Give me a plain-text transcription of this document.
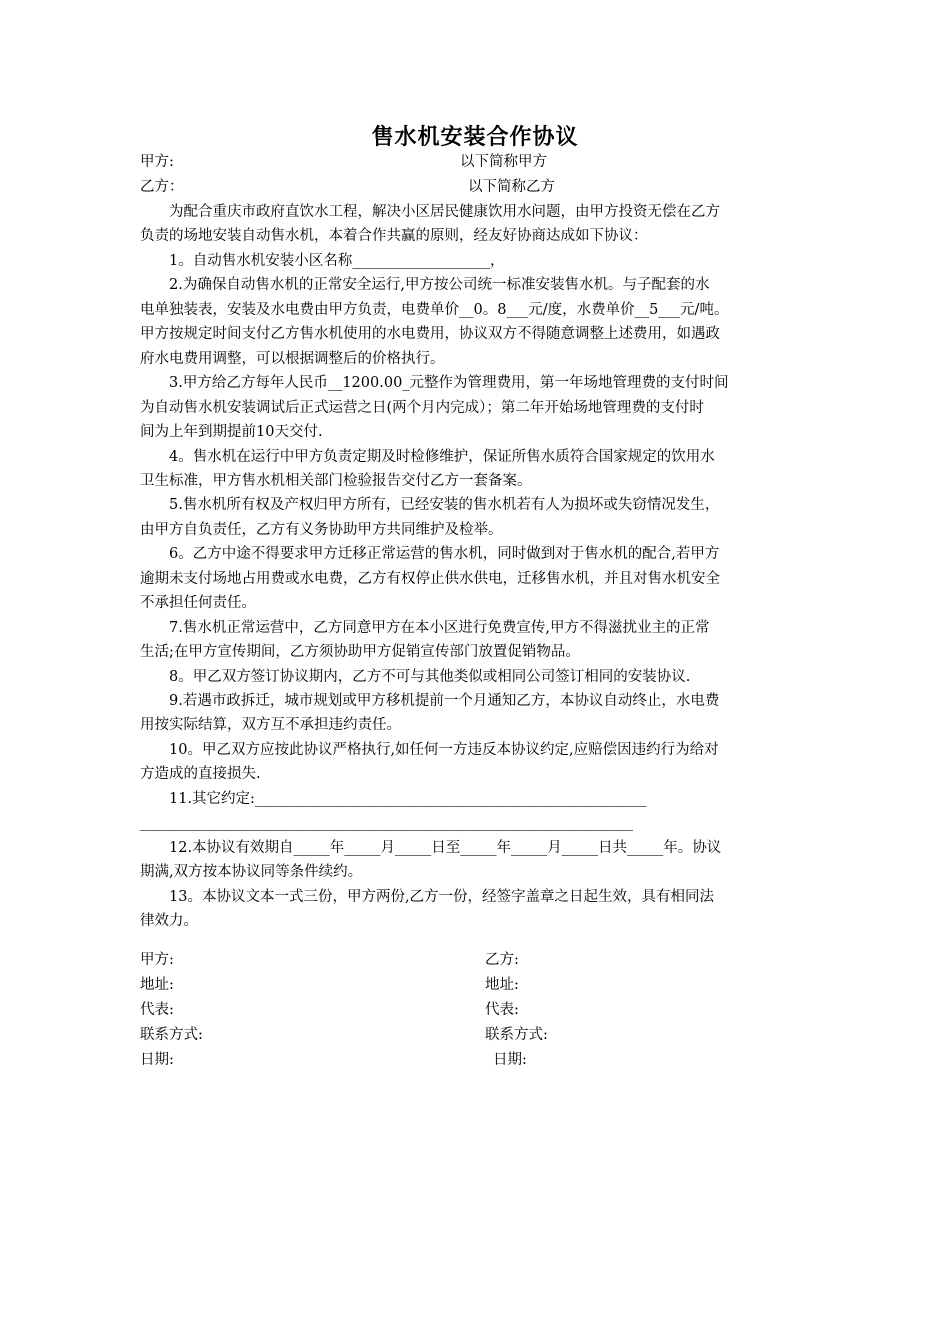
售水机安装合作协议
甲方:	以下简称甲方
乙方：	以下简称乙方
　　为配合重庆市政府直饮水工程，解决小区居民健康饮用水问题，由甲方投资无偿在乙方
负责的场地安装自动售水机，本着合作共赢的原则，经友好协商达成如下协议：
　　1。自动售水机安装小区名称___________________，
　　2.为确保自动售水机的正常安全运行,甲方按公司统一标准安装售水机。与子配套的水
电单独装表，安装及水电费由甲方负责，电费单价__0。8___元/度，水费单价__5___元/吨。
甲方按规定时间支付乙方售水机使用的水电费用，协议双方不得随意调整上述费用，如遇政
府水电费用调整，可以根据调整后的价格执行。
　　3.甲方给乙方每年人民币__1200.00_元整作为管理费用，第一年场地管理费的支付时间
为自动售水机安装调试后正式运营之日(两个月内完成）；第二年开始场地管理费的支付时
间为上年到期提前10天交付.
　　4。售水机在运行中甲方负责定期及时检修维护，保证所售水质符合国家规定的饮用水
卫生标准，甲方售水机相关部门检验报告交付乙方一套备案。
　　5.售水机所有权及产权归甲方所有，已经安装的售水机若有人为损坏或失窃情况发生，
由甲方自负责任，乙方有义务协助甲方共同维护及检举。
　　6。乙方中途不得要求甲方迁移正常运营的售水机，同时做到对于售水机的配合,若甲方
逾期未支付场地占用费或水电费，乙方有权停止供水供电，迁移售水机，并且对售水机安全
不承担任何责任。
　　7.售水机正常运营中，乙方同意甲方在本小区进行免费宣传,甲方不得滋扰业主的正常
生活;在甲方宣传期间，乙方须协助甲方促销宣传部门放置促销物品。
　　8。甲乙双方签订协议期内，乙方不可与其他类似或相同公司签订相同的安装协议.
　　9.若遇市政拆迁，城市规划或甲方移机提前一个月通知乙方，本协议自动终止，水电费
用按实际结算，双方互不承担违约责任。
　　10。甲乙双方应按此协议严格执行,如任何一方违反本协议约定,应赔偿因违约行为给对
方造成的直接损失.
　　11.其它约定:______________________________________________________
____________________________________________________________________
　　12.本协议有效期自_____年_____月_____日至_____年_____月_____日共_____年。协议
期满,双方按本协议同等条件续约。
　　13。本协议文本一式三份，甲方两份,乙方一份，经签字盖章之日起生效，具有相同法
律效力。
甲方:
地址:
代表:
联系方式:
日期:
乙方:
地址:
代表:
联系方式:
日期:
